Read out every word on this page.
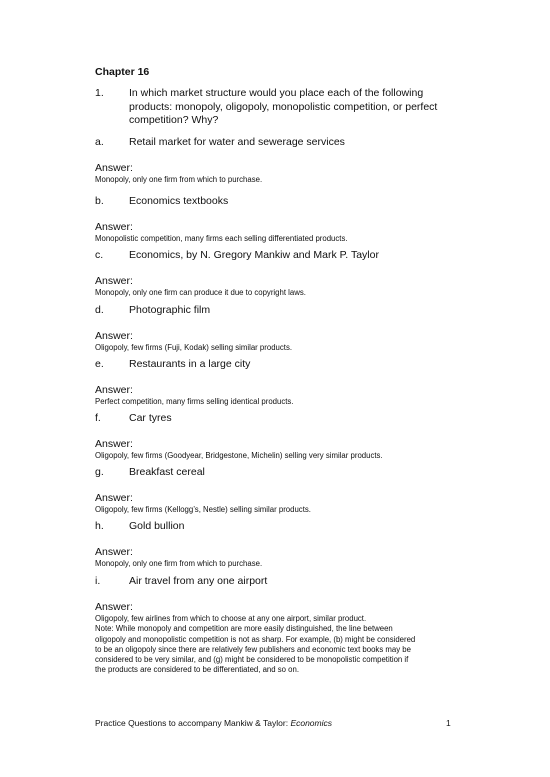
Chapter 16
1. In which market structure would you place each of the following products: monopoly, oligopoly, monopolistic competition, or perfect competition? Why?
a. Retail market for water and sewerage services
Answer:
Monopoly, only one firm from which to purchase.
b. Economics textbooks
Answer:
Monopolistic competition, many firms each selling differentiated products.
c. Economics, by N. Gregory Mankiw and Mark P. Taylor
Answer:
Monopoly, only one firm can produce it due to copyright laws.
d. Photographic film
Answer:
Oligopoly, few firms (Fuji, Kodak) selling similar products.
e. Restaurants in a large city
Answer:
Perfect competition, many firms selling identical products.
f.	Car tyres
Answer:
Oligopoly, few firms (Goodyear, Bridgestone, Michelin) selling very similar products.
g. Breakfast cereal
Answer:
Oligopoly, few firms (Kellogg’s, Nestle) selling similar products.
h. Gold bullion
Answer:
Monopoly, only one firm from which to purchase.
i.	Air travel from any one airport
Answer:
Oligopoly, few airlines from which to choose at any one airport, similar product.
Note: While monopoly and competition are more easily distinguished, the line between
oligopoly and monopolistic competition is not as sharp. For example, (b) might be considered
to be an oligopoly since there are relatively few publishers and economic text books may be
considered to be very similar, and (g) might be considered to be monopolistic competition if
the products are considered to be differentiated, and so on.
Practice Questions to accompany Mankiw & Taylor: Economics	1
